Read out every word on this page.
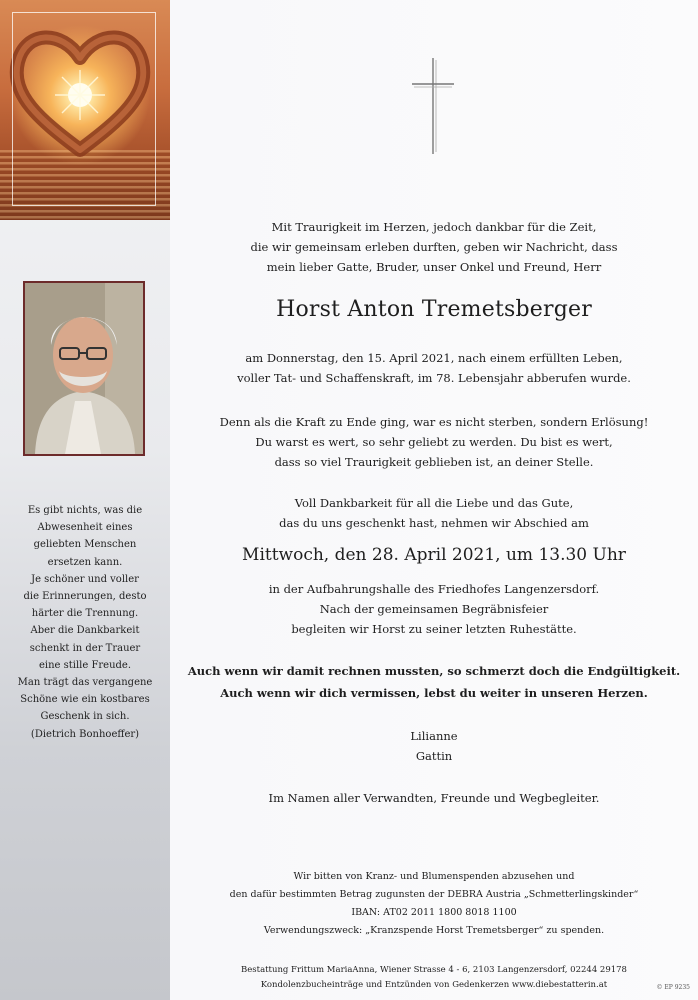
Es gibt nichts, was die
Abwesenheit eines
geliebten Menschen
ersetzen kann.
Je schöner und voller
die Erinnerungen, desto
härter die Trennung.
Aber die Dankbarkeit
schenkt in der Trauer
eine stille Freude.
Man trägt das vergangene
Schöne wie ein kostbares
Geschenk in sich.
(Dietrich Bonhoeffer)
Mit Traurigkeit im Herzen, jedoch dankbar für die Zeit,
die wir gemeinsam erleben durften, geben wir Nachricht, dass
mein lieber Gatte, Bruder, unser Onkel und Freund, Herr
Horst Anton Tremetsberger
am Donnerstag, den 15. April 2021, nach einem erfüllten Leben,
voller Tat- und Schaffenskraft, im 78. Lebensjahr abberufen wurde.
Denn als die Kraft zu Ende ging, war es nicht sterben, sondern Erlösung!
Du warst es wert, so sehr geliebt zu werden. Du bist es wert,
dass so viel Traurigkeit geblieben ist, an deiner Stelle.
Voll Dankbarkeit für all die Liebe und das Gute,
das du uns geschenkt hast, nehmen wir Abschied am
Mittwoch, den 28. April 2021, um 13.30 Uhr
in der Aufbahrungshalle des Friedhofes Langenzersdorf.
Nach der gemeinsamen Begräbnisfeier
begleiten wir Horst zu seiner letzten Ruhestätte.
Auch wenn wir damit rechnen mussten, so schmerzt doch die Endgültigkeit.
Auch wenn wir dich vermissen, lebst du weiter in unseren Herzen.
Lilianne
Gattin
Im Namen aller Verwandten, Freunde und Wegbegleiter.
Wir bitten von Kranz- und Blumenspenden abzusehen und
den dafür bestimmten Betrag zugunsten der DEBRA Austria „Schmetterlingskinder“
IBAN: AT02 2011 1800 8018 1100
Verwendungszweck: „Kranzspende Horst Tremetsberger“ zu spenden.
Bestattung Frittum MariaAnna, Wiener Strasse 4 - 6, 2103 Langenzersdorf, 02244 29178
Kondolenzbucheinträge und Entzünden von Gedenkerzen www.diebestatterin.at	© EP 9235
